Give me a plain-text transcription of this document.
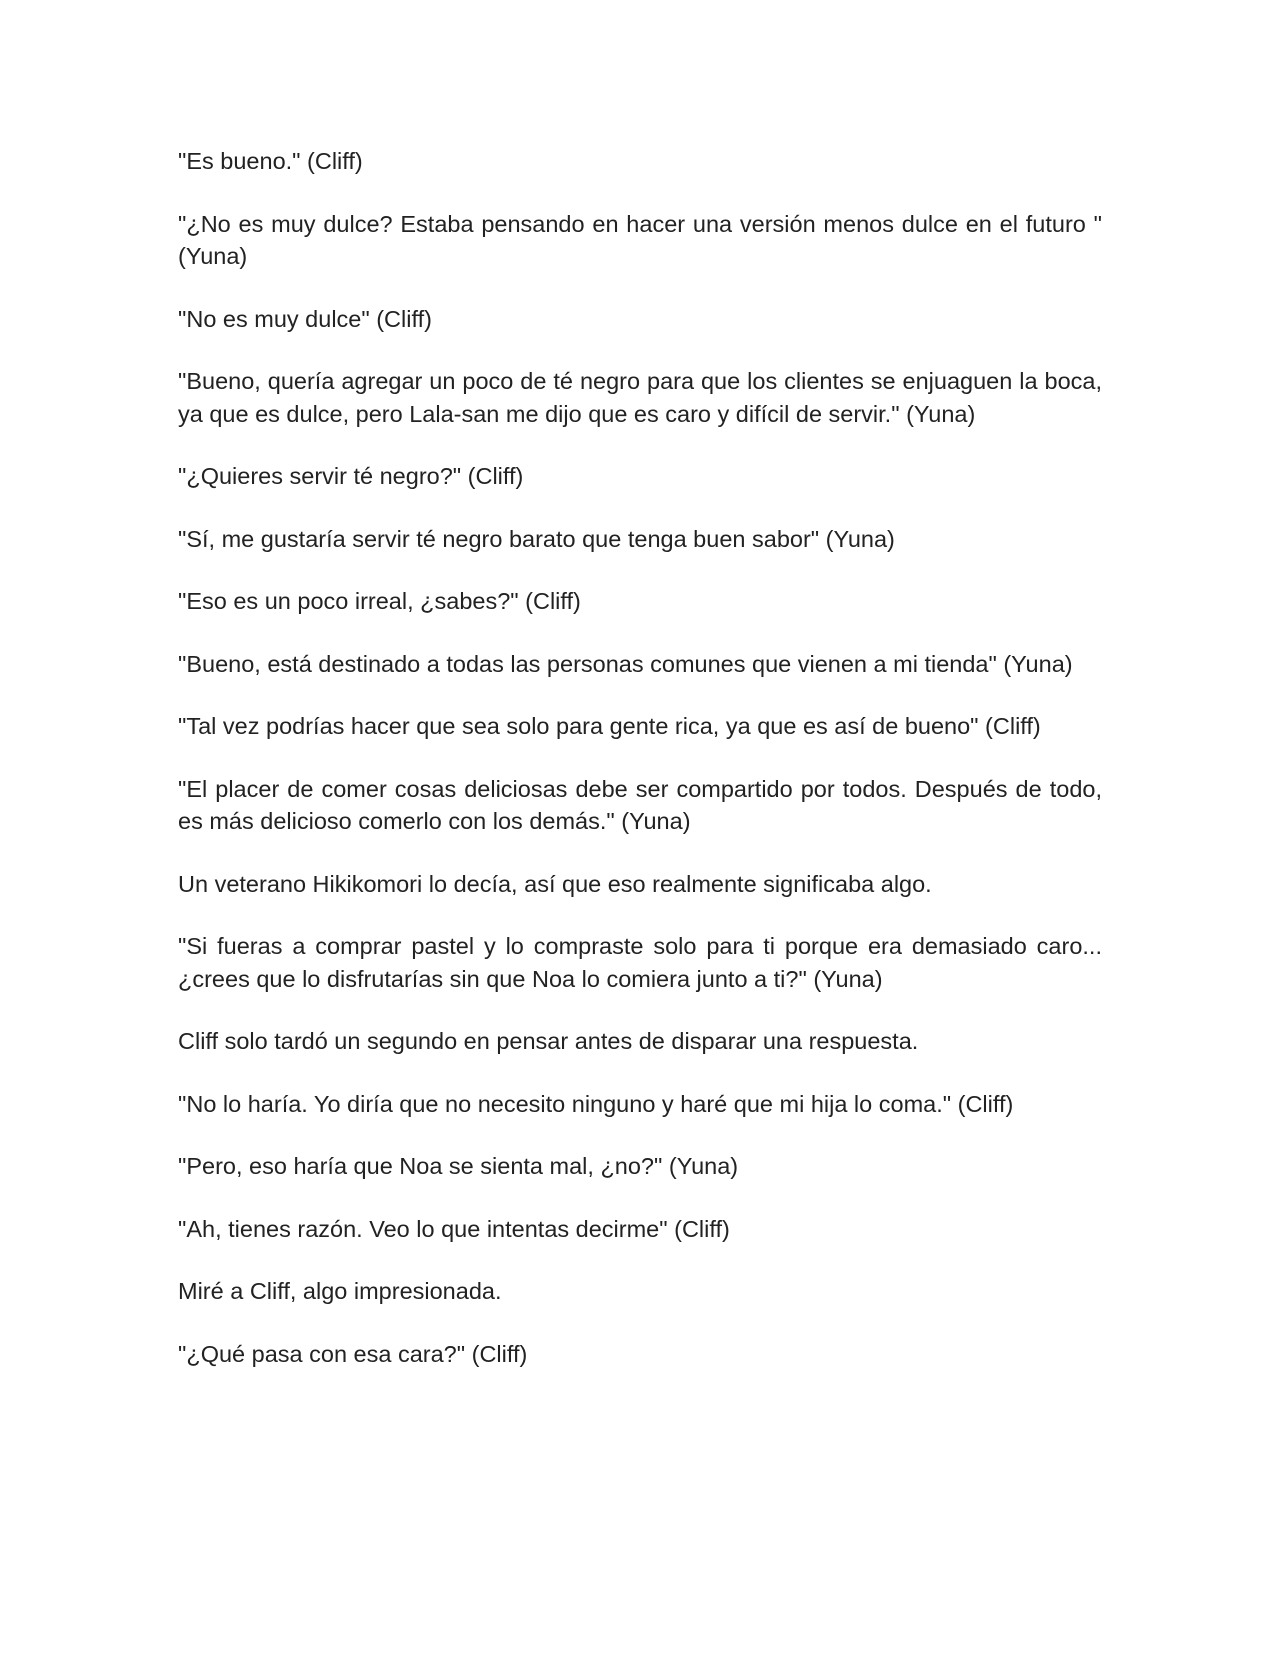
"Es bueno." (Cliff)

"¿No es muy dulce? Estaba pensando en hacer una versión menos dulce en el futuro " (Yuna)

"No es muy dulce" (Cliff)

"Bueno, quería agregar un poco de té negro para que los clientes se enjuaguen la boca, ya que es dulce, pero Lala-san me dijo que es caro y difícil de servir." (Yuna)

"¿Quieres servir té negro?" (Cliff)

"Sí, me gustaría servir té negro barato que tenga buen sabor" (Yuna)

"Eso es un poco irreal, ¿sabes?" (Cliff)

"Bueno, está destinado a todas las personas comunes que vienen a mi tienda" (Yuna)

"Tal vez podrías hacer que sea solo para gente rica, ya que es así de bueno" (Cliff)

"El placer de comer cosas deliciosas debe ser compartido por todos. Después de todo, es más delicioso comerlo con los demás." (Yuna)

Un veterano Hikikomori lo decía, así que eso realmente significaba algo.

"Si fueras a comprar pastel y lo compraste solo para ti porque era demasiado caro... ¿crees que lo disfrutarías sin que Noa lo comiera junto a ti?" (Yuna)

Cliff solo tardó un segundo en pensar antes de disparar una respuesta.

"No lo haría. Yo diría que no necesito ninguno y haré que mi hija lo coma." (Cliff)

"Pero, eso haría que Noa se sienta mal, ¿no?" (Yuna)

"Ah, tienes razón. Veo lo que intentas decirme" (Cliff)

Miré a Cliff, algo impresionada.

"¿Qué pasa con esa cara?" (Cliff)
